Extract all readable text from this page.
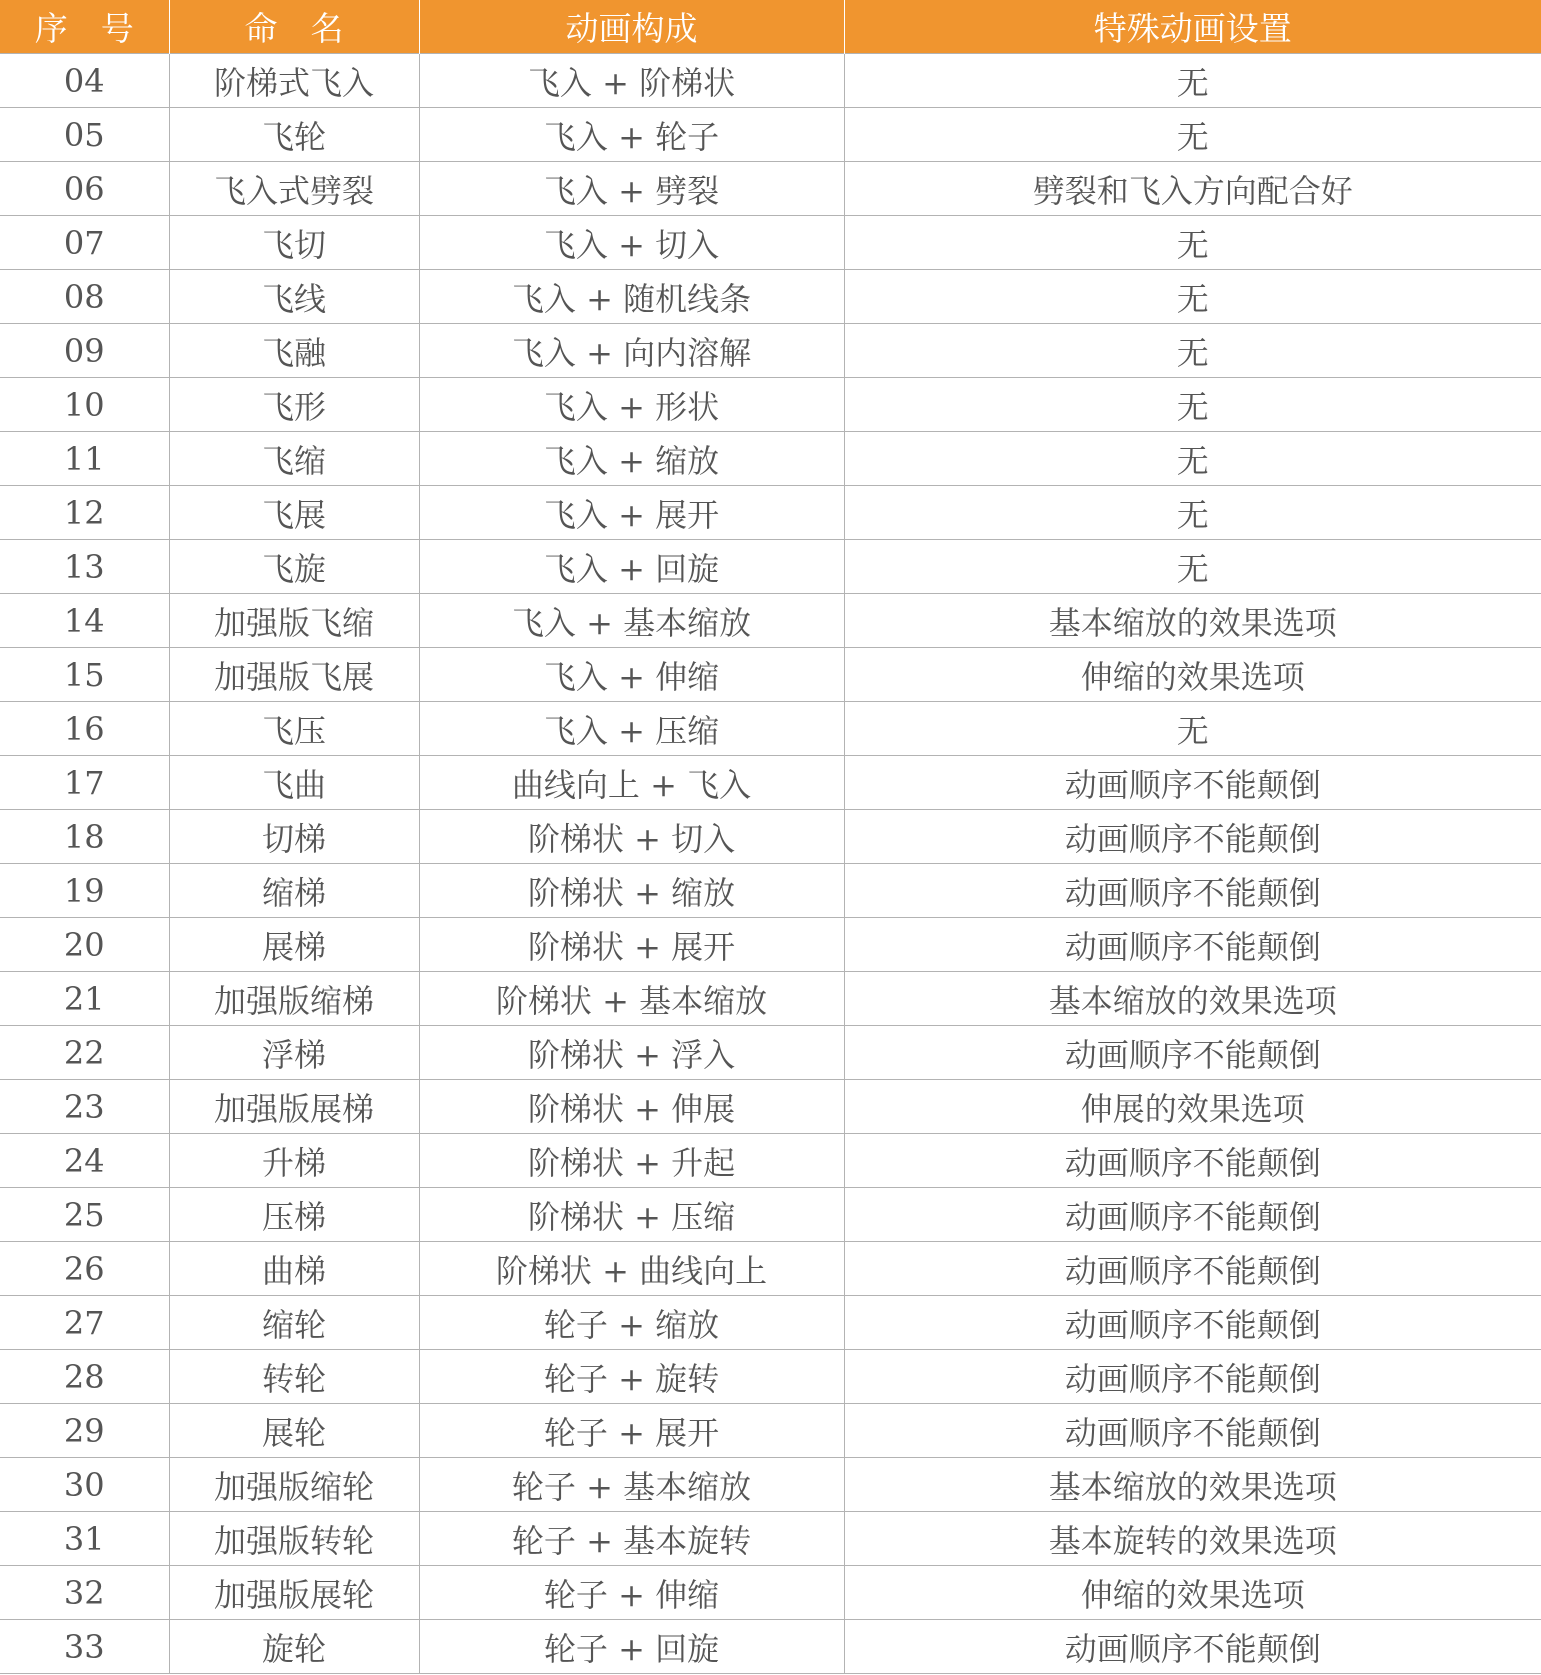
序　号	命　名	动画构成	特殊动画设置
04	阶梯式飞入	飞入 + 阶梯状	无
05	飞轮	飞入 + 轮子	无
06	飞入式劈裂	飞入 + 劈裂	劈裂和飞入方向配合好
07	飞切	飞入 + 切入	无
08	飞线	飞入 + 随机线条	无
09	飞融	飞入 + 向内溶解	无
10	飞形	飞入 + 形状	无
11	飞缩	飞入 + 缩放	无
12	飞展	飞入 + 展开	无
13	飞旋	飞入 + 回旋	无
14	加强版飞缩	飞入 + 基本缩放	基本缩放的效果选项
15	加强版飞展	飞入 + 伸缩	伸缩的效果选项
16	飞压	飞入 + 压缩	无
17	飞曲	曲线向上 + 飞入	动画顺序不能颠倒
18	切梯	阶梯状 + 切入	动画顺序不能颠倒
19	缩梯	阶梯状 + 缩放	动画顺序不能颠倒
20	展梯	阶梯状 + 展开	动画顺序不能颠倒
21	加强版缩梯	阶梯状 + 基本缩放	基本缩放的效果选项
22	浮梯	阶梯状 + 浮入	动画顺序不能颠倒
23	加强版展梯	阶梯状 + 伸展	伸展的效果选项
24	升梯	阶梯状 + 升起	动画顺序不能颠倒
25	压梯	阶梯状 + 压缩	动画顺序不能颠倒
26	曲梯	阶梯状 + 曲线向上	动画顺序不能颠倒
27	缩轮	轮子 + 缩放	动画顺序不能颠倒
28	转轮	轮子 + 旋转	动画顺序不能颠倒
29	展轮	轮子 + 展开	动画顺序不能颠倒
30	加强版缩轮	轮子 + 基本缩放	基本缩放的效果选项
31	加强版转轮	轮子 + 基本旋转	基本旋转的效果选项
32	加强版展轮	轮子 + 伸缩	伸缩的效果选项
33	旋轮	轮子 + 回旋	动画顺序不能颠倒
